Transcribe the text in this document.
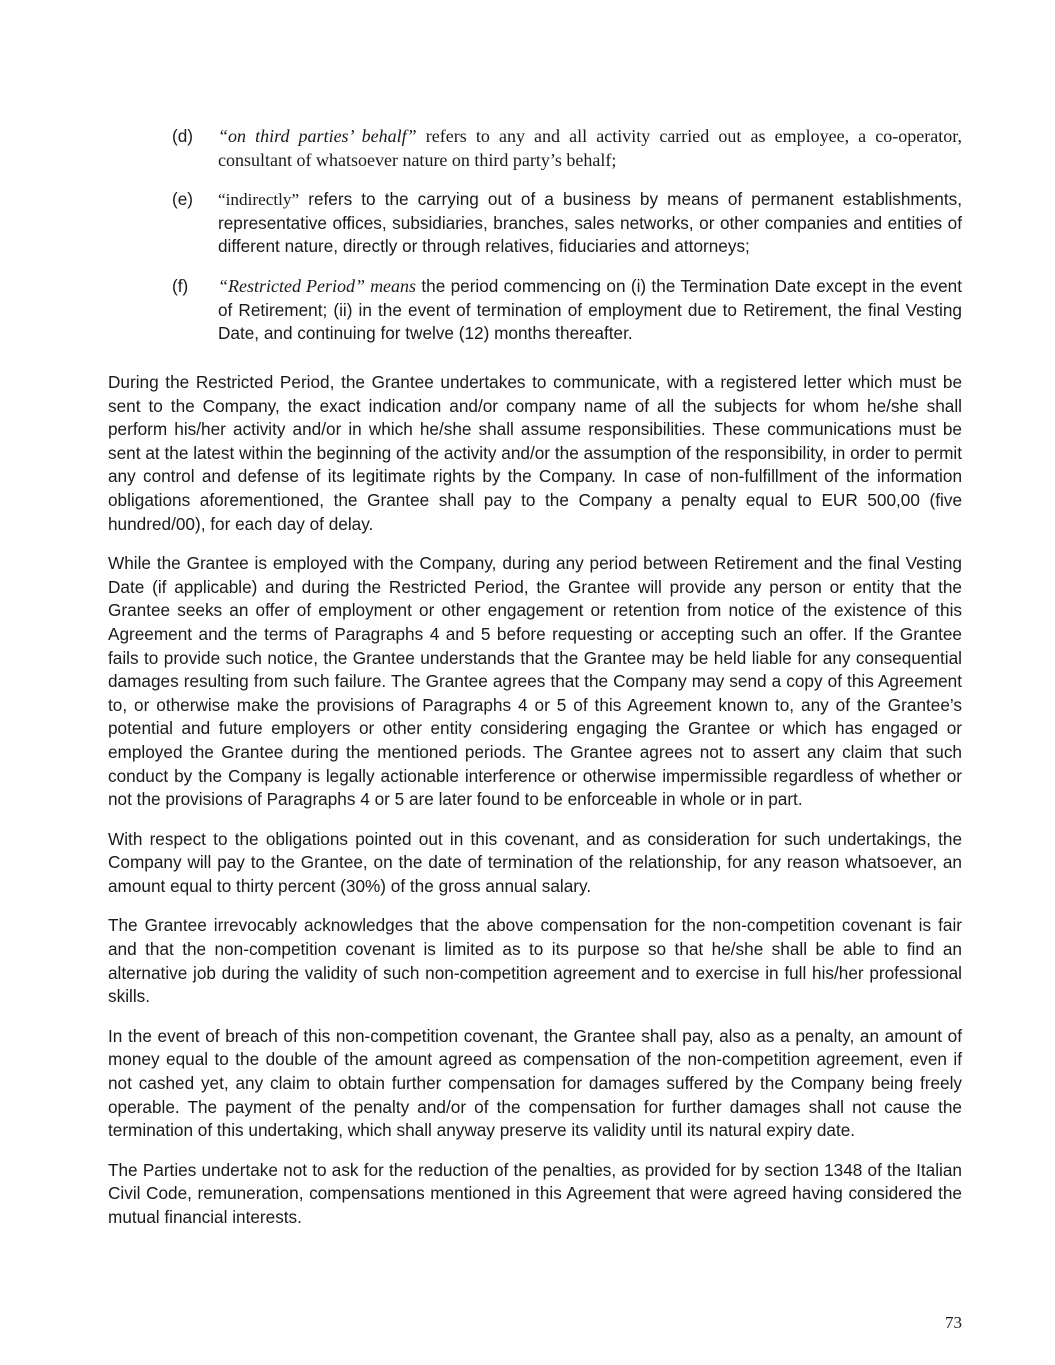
(d) “on third parties’ behalf” refers to any and all activity carried out as employee, a co-operator, consultant of whatsoever nature on third party’s behalf;
(e) “indirectly” refers to the carrying out of a business by means of permanent establishments, representative offices, subsidiaries, branches, sales networks, or other companies and entities of different nature, directly or through relatives, fiduciaries and attorneys;
(f) “Restricted Period” means the period commencing on (i) the Termination Date except in the event of Retirement; (ii) in the event of termination of employment due to Retirement, the final Vesting Date, and continuing for twelve (12) months thereafter.

During the Restricted Period, the Grantee undertakes to communicate, with a registered letter which must be sent to the Company, the exact indication and/or company name of all the subjects for whom he/she shall perform his/her activity and/or in which he/she shall assume responsibilities. These communications must be sent at the latest within the beginning of the activity and/or the assumption of the responsibility, in order to permit any control and defense of its legitimate rights by the Company. In case of non-fulfillment of the information obligations aforementioned, the Grantee shall pay to the Company a penalty equal to EUR 500,00 (five hundred/00), for each day of delay.

While the Grantee is employed with the Company, during any period between Retirement and the final Vesting Date (if applicable) and during the Restricted Period, the Grantee will provide any person or entity that the Grantee seeks an offer of employment or other engagement or retention from notice of the existence of this Agreement and the terms of Paragraphs 4 and 5 before requesting or accepting such an offer. If the Grantee fails to provide such notice, the Grantee understands that the Grantee may be held liable for any consequential damages resulting from such failure. The Grantee agrees that the Company may send a copy of this Agreement to, or otherwise make the provisions of Paragraphs 4 or 5 of this Agreement known to, any of the Grantee’s potential and future employers or other entity considering engaging the Grantee or which has engaged or employed the Grantee during the mentioned periods. The Grantee agrees not to assert any claim that such conduct by the Company is legally actionable interference or otherwise impermissible regardless of whether or not the provisions of Paragraphs 4 or 5 are later found to be enforceable in whole or in part.

With respect to the obligations pointed out in this covenant, and as consideration for such undertakings, the Company will pay to the Grantee, on the date of termination of the relationship, for any reason whatsoever, an amount equal to thirty percent (30%) of the gross annual salary.

The Grantee irrevocably acknowledges that the above compensation for the non-competition covenant is fair and that the non-competition covenant is limited as to its purpose so that he/she shall be able to find an alternative job during the validity of such non-competition agreement and to exercise in full his/her professional skills.

In the event of breach of this non-competition covenant, the Grantee shall pay, also as a penalty, an amount of money equal to the double of the amount agreed as compensation of the non-competition agreement, even if not cashed yet, any claim to obtain further compensation for damages suffered by the Company being freely operable. The payment of the penalty and/or of the compensation for further damages shall not cause the termination of this undertaking, which shall anyway preserve its validity until its natural expiry date.

The Parties undertake not to ask for the reduction of the penalties, as provided for by section 1348 of the Italian Civil Code, remuneration, compensations mentioned in this Agreement that were agreed having considered the mutual financial interests.

73
